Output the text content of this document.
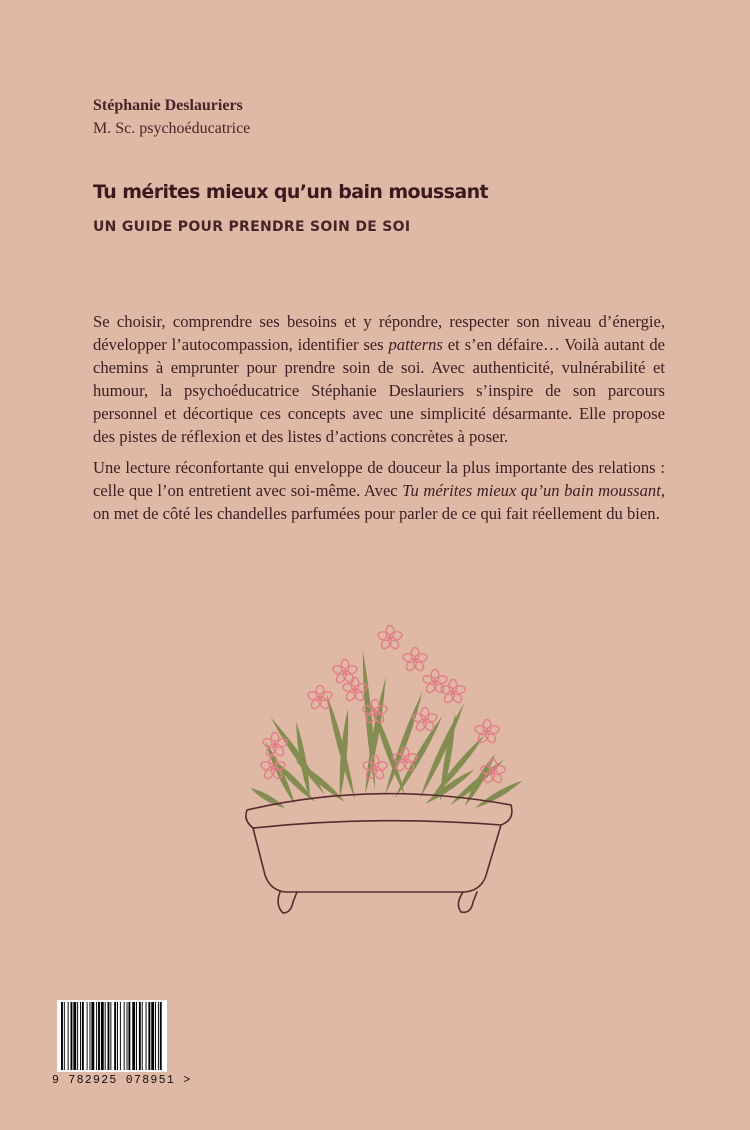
Stéphanie Deslauriers
M. Sc. psychoéducatrice
Tu mérites mieux qu’un bain moussant
UN GUIDE POUR PRENDRE SOIN DE SOI

Se choisir, comprendre ses besoins et y répondre, respecter son niveau d’énergie, développer l’autocompassion, identifier ses patterns et s’en défaire… Voilà autant de chemins à emprunter pour prendre soin de soi. Avec authenticité, vulnérabilité et humour, la psychoéducatrice Stéphanie Deslauriers s’inspire de son parcours personnel et décortique ces concepts avec une simplicité désarmante. Elle propose des pistes de réflexion et des listes d’actions concrètes à poser.

Une lecture réconfortante qui enveloppe de douceur la plus importante des relations : celle que l’on entretient avec soi-même. Avec Tu mérites mieux qu’un bain moussant, on met de côté les chandelles parfumées pour parler de ce qui fait réellement du bien.

9 782925 078951 >
